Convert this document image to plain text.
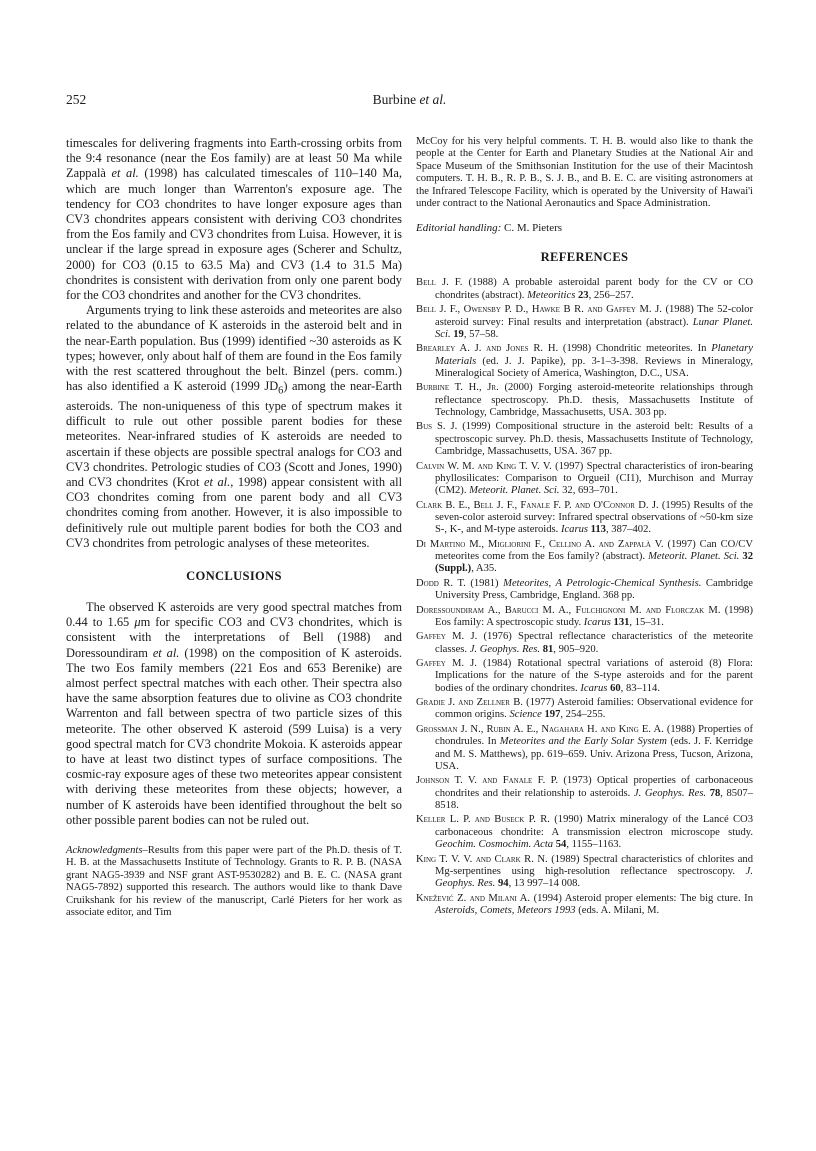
252	Burbine et al.

timescales for delivering fragments into Earth-crossing orbits from the 9:4 resonance (near the Eos family) are at least 50 Ma while Zappalà et al. (1998) has calculated timescales of 110–140 Ma, which are much longer than Warrenton's exposure age. The tendency for CO3 chondrites to have longer exposure ages than CV3 chondrites appears consistent with deriving CO3 chondrites from the Eos family and CV3 chondrites from Luisa. However, it is unclear if the large spread in exposure ages (Scherer and Schultz, 2000) for CO3 (0.15 to 63.5 Ma) and CV3 (1.4 to 31.5 Ma) chondrites is consistent with derivation from only one parent body for the CO3 chondrites and another for the CV3 chondrites.

Arguments trying to link these asteroids and meteorites are also related to the abundance of K asteroids in the asteroid belt and in the near-Earth population. Bus (1999) identified ~30 asteroids as K types; however, only about half of them are found in the Eos family with the rest scattered throughout the belt. Binzel (pers. comm.) has also identified a K asteroid (1999 $JD_6$) among the near-Earth asteroids. The non-uniqueness of this type of spectrum makes it difficult to rule out other possible parent bodies for these meteorites. Near-infrared studies of K asteroids are needed to ascertain if these objects are possible spectral analogs for CO3 and CV3 chondrites. Petrologic studies of CO3 (Scott and Jones, 1990) and CV3 chondrites (Krot et al., 1998) appear consistent with all CO3 chondrites coming from one parent body and all CV3 chondrites coming from another. However, it is also impossible to definitively rule out multiple parent bodies for both the CO3 and CV3 chondrites from petrologic analyses of these meteorites.

CONCLUSIONS

The observed K asteroids are very good spectral matches from 0.44 to 1.65 μm for specific CO3 and CV3 chondrites, which is consistent with the interpretations of Bell (1988) and Doressoundiram et al. (1998) on the composition of K asteroids. The two Eos family members (221 Eos and 653 Berenike) are almost perfect spectral matches with each other. Their spectra also have the same absorption features due to olivine as CO3 chondrite Warrenton and fall between spectra of two particle sizes of this meteorite. The other observed K asteroid (599 Luisa) is a very good spectral match for CV3 chondrite Mokoia. K asteroids appear to have at least two distinct types of surface compositions. The cosmic-ray exposure ages of these two meteorites appear consistent with deriving these meteorites from these objects; however, a number of K asteroids have been identified throughout the belt so other possible parent bodies can not be ruled out.

Acknowledgments–Results from this paper were part of the Ph.D. thesis of T. H. B. at the Massachusetts Institute of Technology. Grants to R. P. B. (NASA grant NAG5-3939 and NSF grant AST-9530282) and B. E. C. (NASA grant NAG5-7892) supported this research. The authors would like to thank Dave Cruikshank for his review of the manuscript, Carlé Pieters for her work as associate editor, and Tim

McCoy for his very helpful comments. T. H. B. would also like to thank the people at the Center for Earth and Planetary Studies at the National Air and Space Museum of the Smithsonian Institution for the use of their Macintosh computers. T. H. B., R. P. B., S. J. B., and B. E. C. are visiting astronomers at the Infrared Telescope Facility, which is operated by the University of Hawai'i under contract to the National Aeronautics and Space Administration.

Editorial handling: C. M. Pieters

REFERENCES
Bell J. F. (1988) A probable asteroidal parent body for the CV or CO chondrites (abstract). Meteoritics 23, 256–257.
Bell J. F., Owensby P. D., Hawke B R. and Gaffey M. J. (1988) The 52-color asteroid survey: Final results and interpretation (abstract). Lunar Planet. Sci. 19, 57–58.
Brearley A. J. and Jones R. H. (1998) Chondritic meteorites. In Planetary Materials (ed. J. J. Papike), pp. 3-1–3-398. Reviews in Mineralogy, Mineralogical Society of America, Washington, D.C., USA.
Burbine T. H., Jr. (2000) Forging asteroid-meteorite relationships through reflectance spectroscopy. Ph.D. thesis, Massachusetts Institute of Technology, Cambridge, Massachusetts, USA. 303 pp.
Bus S. J. (1999) Compositional structure in the asteroid belt: Results of a spectroscopic survey. Ph.D. thesis, Massachusetts Institute of Technology, Cambridge, Massachusetts, USA. 367 pp.
Calvin W. M. and King T. V. V. (1997) Spectral characteristics of iron-bearing phyllosilicates: Comparison to Orgueil (CI1), Murchison and Murray (CM2). Meteorit. Planet. Sci. 32, 693–701.
Clark B. E., Bell J. F., Fanale F. P. and O'Connor D. J. (1995) Results of the seven-color asteroid survey: Infrared spectral observations of ~50-km size S-, K-, and M-type asteroids. Icarus 113, 387–402.
Di Martino M., Migliorini F., Cellino A. and Zappalà V. (1997) Can CO/CV meteorites come from the Eos family? (abstract). Meteorit. Planet. Sci. 32 (Suppl.), A35.
Dodd R. T. (1981) Meteorites, A Petrologic-Chemical Synthesis. Cambridge University Press, Cambridge, England. 368 pp.
Doressoundiram A., Barucci M. A., Fulchignoni M. and Florczak M. (1998) Eos family: A spectroscopic study. Icarus 131, 15–31.
Gaffey M. J. (1976) Spectral reflectance characteristics of the meteorite classes. J. Geophys. Res. 81, 905–920.
Gaffey M. J. (1984) Rotational spectral variations of asteroid (8) Flora: Implications for the nature of the S-type asteroids and for the parent bodies of the ordinary chondrites. Icarus 60, 83–114.
Gradie J. and Zellner B. (1977) Asteroid families: Observational evidence for common origins. Science 197, 254–255.
Grossman J. N., Rubin A. E., Nagahara H. and King E. A. (1988) Properties of chondrules. In Meteorites and the Early Solar System (eds. J. F. Kerridge and M. S. Matthews), pp. 619–659. Univ. Arizona Press, Tucson, Arizona, USA.
Johnson T. V. and Fanale F. P. (1973) Optical properties of carbonaceous chondrites and their relationship to asteroids. J. Geophys. Res. 78, 8507–8518.
Keller L. P. and Buseck P. R. (1990) Matrix mineralogy of the Lancé CO3 carbonaceous chondrite: A transmission electron microscope study. Geochim. Cosmochim. Acta 54, 1155–1163.
King T. V. V. and Clark R. N. (1989) Spectral characteristics of chlorites and Mg-serpentines using high-resolution reflectance spectroscopy. J. Geophys. Res. 94, 13 997–14 008.
Knežević Z. and Milani A. (1994) Asteroid proper elements: The big cture. In Asteroids, Comets, Meteors 1993 (eds. A. Milani, M.
